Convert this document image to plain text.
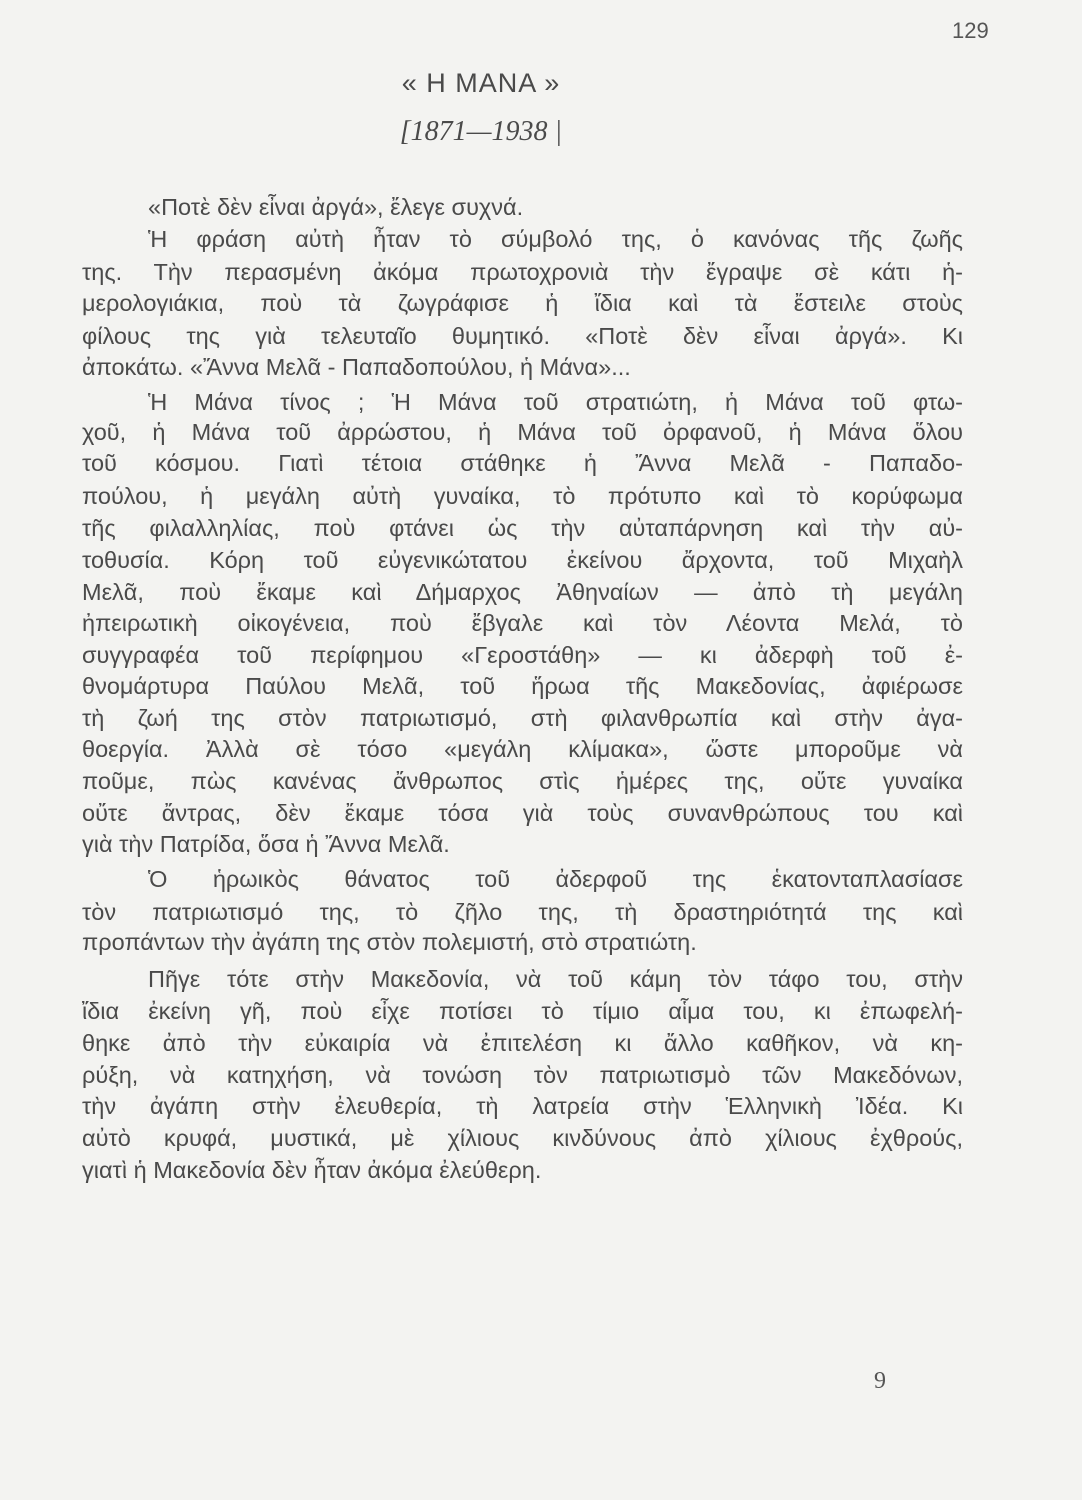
129
« Η ΜΑΝΑ »
[1871—1938 |
«Ποτὲ δὲν εἶναι ἀργά», ἔλεγε συχνά.
Ἡ φράση αὐτὴ ἦταν τὸ σύμβολό της, ὁ κανόνας τῆς ζωῆς
της. Τὴν περασμένη ἀκόμα πρωτοχρονιὰ τὴν ἔγραψε σὲ κάτι ἡ-
μερολογιάκια, ποὺ τὰ ζωγράφισε ἡ ἴδια καὶ τὰ ἔστειλε στοὺς
φίλους της γιὰ τελευταῖο θυμητικό. «Ποτὲ δὲν εἶναι ἀργά». Κι
ἀποκάτω. «Ἄννα Μελᾶ - Παπαδοπούλου, ἡ Μάνα»...
Ἡ Μάνα τίνος ; Ἡ Μάνα τοῦ στρατιώτη, ἡ Μάνα τοῦ φτω-
χοῦ, ἡ Μάνα τοῦ ἀρρώστου, ἡ Μάνα τοῦ ὀρφανοῦ, ἡ Μάνα ὅλου
τοῦ κόσμου. Γιατὶ τέτοια στάθηκε ἡ Ἄννα Μελᾶ - Παπαδο-
πούλου, ἡ μεγάλη αὐτὴ γυναίκα, τὸ πρότυπο καὶ τὸ κορύφωμα
τῆς φιλαλληλίας, ποὺ φτάνει ὡς τὴν αὐταπάρνηση καὶ τὴν αὐ-
τοθυσία. Κόρη τοῦ εὐγενικώτατου ἐκείνου ἄρχοντα, τοῦ Μιχαὴλ
Μελᾶ, ποὺ ἔκαμε καὶ Δήμαρχος Ἀθηναίων — ἀπὸ τὴ μεγάλη
ἠπειρωτικὴ οἰκογένεια, ποὺ ἔβγαλε καὶ τὸν Λέοντα Μελά, τὸ
συγγραφέα τοῦ περίφημου «Γεροστάθη» — κι ἀδερφὴ τοῦ ἐ-
θνομάρτυρα Παύλου Μελᾶ, τοῦ ἥρωα τῆς Μακεδονίας, ἀφιέρωσε
τὴ ζωή της στὸν πατριωτισμό, στὴ φιλανθρωπία καὶ στὴν ἀγα-
θοεργία. Ἀλλὰ σὲ τόσο «μεγάλη κλίμακα», ὥστε μποροῦμε νὰ
ποῦμε, πὼς κανένας ἄνθρωπος στὶς ἡμέρες της, οὔτε γυναίκα
οὔτε ἄντρας, δὲν ἔκαμε τόσα γιὰ τοὺς συνανθρώπους του καὶ
γιὰ τὴν Πατρίδα, ὅσα ἡ Ἄννα Μελᾶ.
Ὁ ἡρωικὸς θάνατος τοῦ ἀδερφοῦ της ἑκατονταπλασίασε
τὸν πατριωτισμό της, τὸ ζῆλο της, τὴ δραστηριότητά της καὶ
προπάντων τὴν ἀγάπη της στὸν πολεμιστή, στὸ στρατιώτη.
Πῆγε τότε στὴν Μακεδονία, νὰ τοῦ κάμη τὸν τάφο του, στὴν
ἴδια ἐκείνη γῆ, ποὺ εἶχε ποτίσει τὸ τίμιο αἷμα του, κι ἐπωφελή-
θηκε ἀπὸ τὴν εὐκαιρία νὰ ἐπιτελέση κι ἄλλο καθῆκον, νὰ κη-
ρύξη, νὰ κατηχήση, νὰ τονώση τὸν πατριωτισμὸ τῶν Μακεδόνων,
τὴν ἀγάπη στὴν ἐλευθερία, τὴ λατρεία στὴν Ἑλληνικὴ Ἰδέα. Κι
αὐτὸ κρυφά, μυστικά, μὲ χίλιους κινδύνους ἀπὸ χίλιους ἐχθρούς,
γιατὶ ἡ Μακεδονία δὲν ἦταν ἀκόμα ἐλεύθερη.
9
